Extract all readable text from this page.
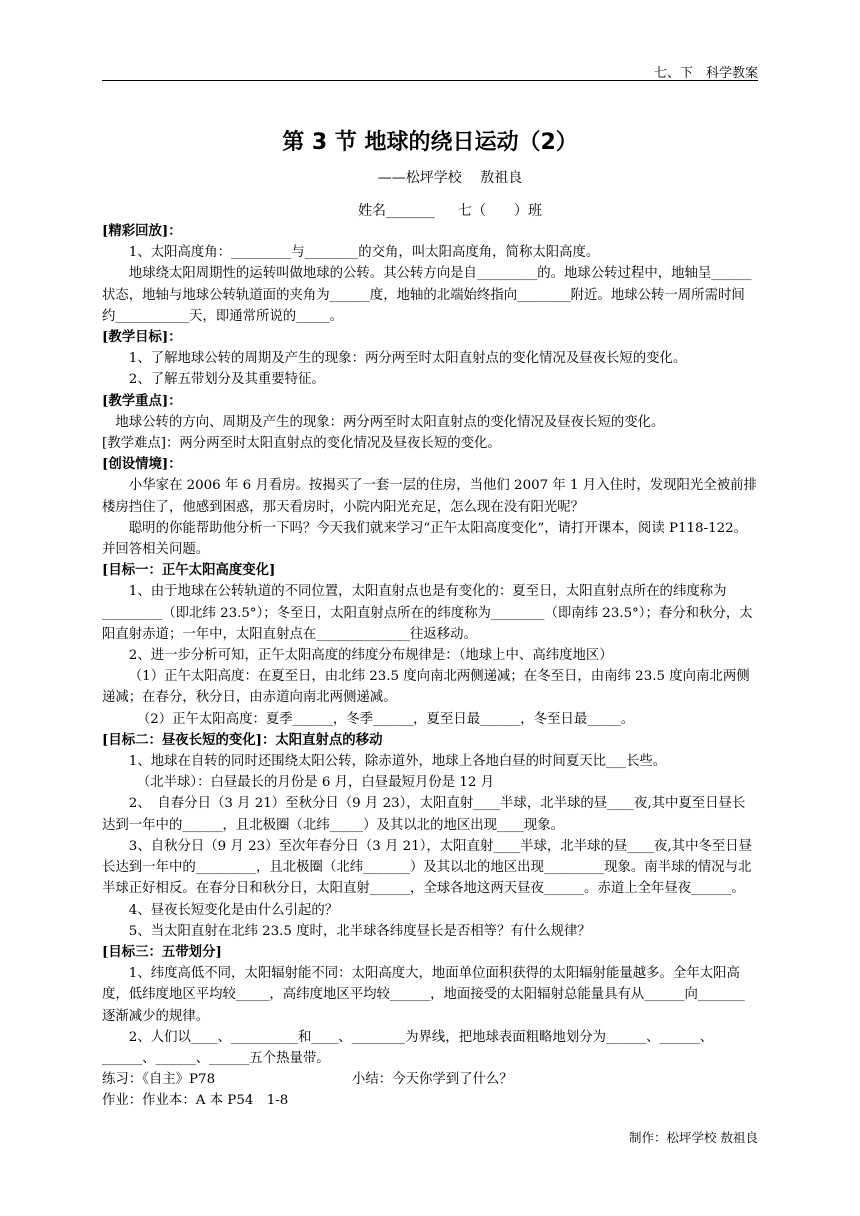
七、下　科学教案
第 3 节 地球的绕日运动（2）
——松坪学校　 敖祖良
姓名_______ 　 七（　　）班

[精彩回放]：

1、太阳高度角：_________与________的交角，叫太阳高度角，简称太阳高度。

地球绕太阳周期性的运转叫做地球的公转。其公转方向是自_________的。地球公转过程中，地轴呈______状态，地轴与地球公转轨道面的夹角为______度，地轴的北端始终指向________附近。地球公转一周所需时间约___________天，即通常所说的_____。

[教学目标]：

1、了解地球公转的周期及产生的现象：两分两至时太阳直射点的变化情况及昼夜长短的变化。

2、了解五带划分及其重要特征。

[教学重点]：

地球公转的方向、周期及产生的现象：两分两至时太阳直射点的变化情况及昼夜长短的变化。

[教学难点]：两分两至时太阳直射点的变化情况及昼夜长短的变化。

[创设情境]：

小华家在 2006 年 6 月看房。按揭买了一套一层的住房，当他们 2007 年 1 月入住时，发现阳光全被前排楼房挡住了，他感到困惑，那天看房时，小院内阳光充足，怎么现在没有阳光呢？

聪明的你能帮助他分析一下吗？今天我们就来学习“正午太阳高度变化”，请打开课本，阅读 P118-122。并回答相关问题。

[目标一：正午太阳高度变化]

1、由于地球在公转轨道的不同位置，太阳直射点也是有变化的：夏至日，太阳直射点所在的纬度称为_________（即北纬 23.5°）；冬至日，太阳直射点所在的纬度称为________（即南纬 23.5°）；春分和秋分，太阳直射赤道；一年中，太阳直射点在______________往返移动。

2、进一步分析可知，正午太阳高度的纬度分布规律是：（地球上中、高纬度地区）

（1）正午太阳高度：在夏至日，由北纬 23.5 度向南北两侧递减；在冬至日，由南纬 23.5 度向南北两侧递减；在春分，秋分日，由赤道向南北两侧递减。

（2）正午太阳高度：夏季______，冬季______，夏至日最______，冬至日最_____。

[目标二：昼夜长短的变化]：太阳直射点的移动

1、地球在自转的同时还围绕太阳公转，除赤道外，地球上各地白昼的时间夏天比___长些。

（北半球）：白昼最长的月份是 6 月，白昼最短月份是 12 月

2、　自春分日（3 月 21）至秋分日（9 月 23），太阳直射____半球，北半球的昼____夜,其中夏至日昼长达到一年中的______，且北极圈（北纬_____）及其以北的地区出现____现象。

3、自秋分日（9 月 23）至次年春分日（3 月 21），太阳直射____半球，北半球的昼____夜,其中冬至日昼长达到一年中的_________，且北极圈（北纬_______）及其以北的地区出现_________现象。南半球的情况与北半球正好相反。在春分日和秋分日，太阳直射______，全球各地这两天昼夜______。赤道上全年昼夜______。

4、昼夜长短变化是由什么引起的？

5、当太阳直射在北纬 23.5 度时，北半球各纬度昼长是否相等？有什么规律？

[目标三：五带划分]

1、纬度高低不同，太阳辐射能不同：太阳高度大，地面单位面积获得的太阳辐射能量越多。全年太阳高度，低纬度地区平均较_____，高纬度地区平均较______，地面接受的太阳辐射总能量具有从______向_______逐渐减少的规律。

2、人们以____、__________和____、________为界线，把地球表面粗略地划分为______、______、______、______、______五个热量带。

练习：《自主》P78	小结：今天你学到了什么？

作业：作业本：A 本 P54　1-8

制作：松坪学校 敖祖良
